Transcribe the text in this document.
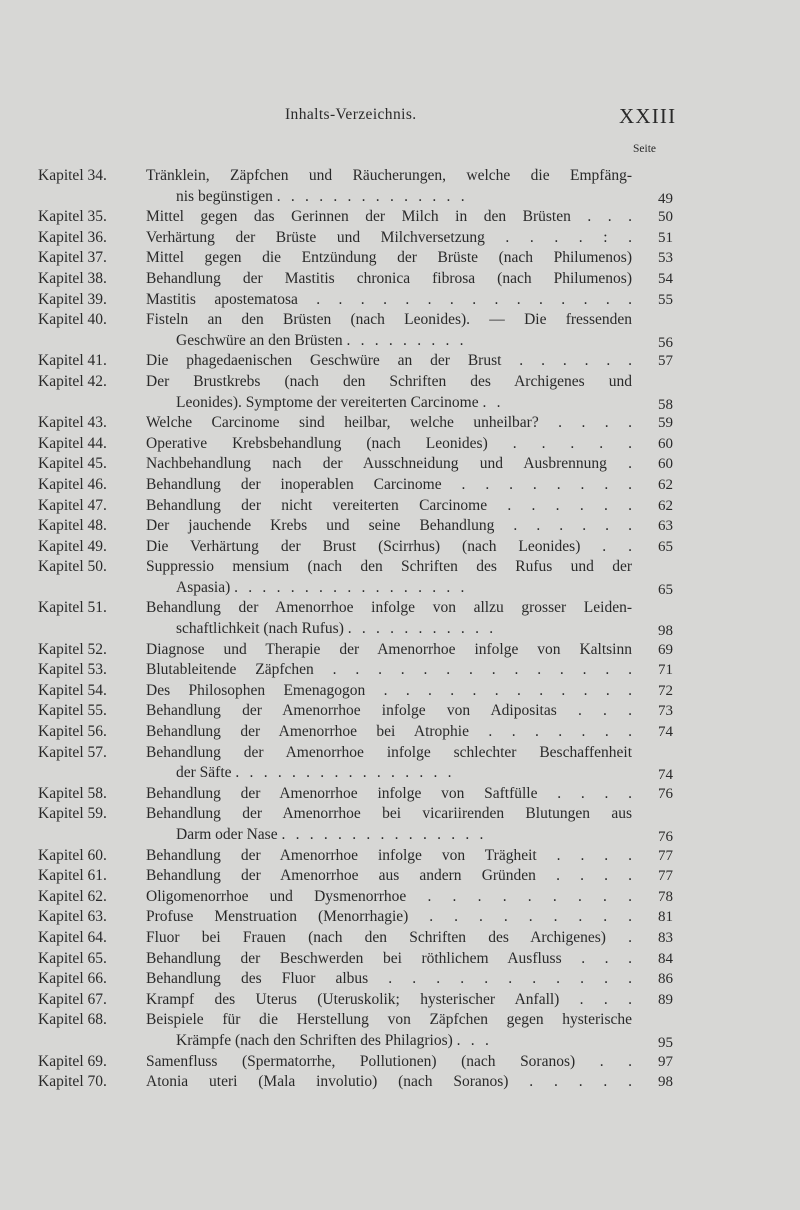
Inhalts-Verzeichnis.	XXIII
Seite
Kapitel 34.	Tränklein, Zäpfchen und Räucherungen, welche die Empfäng-
nis begünstigen . . . . . . . . . . . . . .	49
Kapitel 35.	Mittel gegen das Gerinnen der Milch in den Brüsten . . . 50
Kapitel 36.	Verhärtung der Brüste und Milchversetzung . . . . : . 51
Kapitel 37.	Mittel gegen die Entzündung der Brüste (nach Philumenos) 53
Kapitel 38.	Behandlung der Mastitis chronica fibrosa (nach Philumenos) 54
Kapitel 39.	Mastitis apostematosa . . . . . . . . . . . . . . . 55
Kapitel 40.	Fisteln an den Brüsten (nach Leonides). — Die fressenden
Geschwüre an den Brüsten . . . . . . . . .	56
Kapitel 41.	Die phagedaenischen Geschwüre an der Brust . . . . . . 57
Kapitel 42.	Der Brustkrebs (nach den Schriften des Archigenes und
Leonides). Symptome der vereiterten Carcinome . .	58
Kapitel 43.	Welche Carcinome sind heilbar, welche unheilbar? . . . . 59
Kapitel 44.	Operative Krebsbehandlung (nach Leonides) . . . . . 60
Kapitel 45.	Nachbehandlung nach der Ausschneidung und Ausbrennung . 60
Kapitel 46.	Behandlung der inoperablen Carcinome . . . . . . . . 62
Kapitel 47.	Behandlung der nicht vereiterten Carcinome . . . . . . 62
Kapitel 48.	Der jauchende Krebs und seine Behandlung . . . . . . 63
Kapitel 49.	Die Verhärtung der Brust (Scirrhus) (nach Leonides) . . 65
Kapitel 50.	Suppressio mensium (nach den Schriften des Rufus und der
Aspasia) . . . . . . . . . . . . . . . . .	65
Kapitel 51.	Behandlung der Amenorrhoe infolge von allzu grosser Leiden-
schaftlichkeit (nach Rufus) . . . . . . . . . . .	98
Kapitel 52.	Diagnose und Therapie der Amenorrhoe infolge von Kaltsinn 69
Kapitel 53.	Blutableitende Zäpfchen . . . . . . . . . . . . . . 71
Kapitel 54.	Des Philosophen Emenagogon . . . . . . . . . . . . 72
Kapitel 55.	Behandlung der Amenorrhoe infolge von Adipositas . . . 73
Kapitel 56.	Behandlung der Amenorrhoe bei Atrophie . . . . . . . 74
Kapitel 57.	Behandlung der Amenorrhoe infolge schlechter Beschaffenheit
der Säfte . . . . . . . . . . . . . . . .	74
Kapitel 58.	Behandlung der Amenorrhoe infolge von Saftfülle . . . . 76
Kapitel 59.	Behandlung der Amenorrhoe bei vicariirenden Blutungen aus
Darm oder Nase . . . . . . . . . . . . . . .	76
Kapitel 60.	Behandlung der Amenorrhoe infolge von Trägheit . . . . 77
Kapitel 61.	Behandlung der Amenorrhoe aus andern Gründen . . . . 77
Kapitel 62.	Oligomenorrhoe und Dysmenorrhoe . . . . . . . . . 78
Kapitel 63.	Profuse Menstruation (Menorrhagie) . . . . . . . . . 81
Kapitel 64.	Fluor bei Frauen (nach den Schriften des Archigenes) . 83
Kapitel 65.	Behandlung der Beschwerden bei röthlichem Ausfluss . . . 84
Kapitel 66.	Behandlung des Fluor albus . . . . . . . . . . . 86
Kapitel 67.	Krampf des Uterus (Uteruskolik; hysterischer Anfall) . . . 89
Kapitel 68.	Beispiele für die Herstellung von Zäpfchen gegen hysterische
Krämpfe (nach den Schriften des Philagrios) . . .	95
Kapitel 69.	Samenfluss (Spermatorrhe, Pollutionen) (nach Soranos) . . 97
Kapitel 70.	Atonia uteri (Mala involutio) (nach Soranos) . . . . . 98
